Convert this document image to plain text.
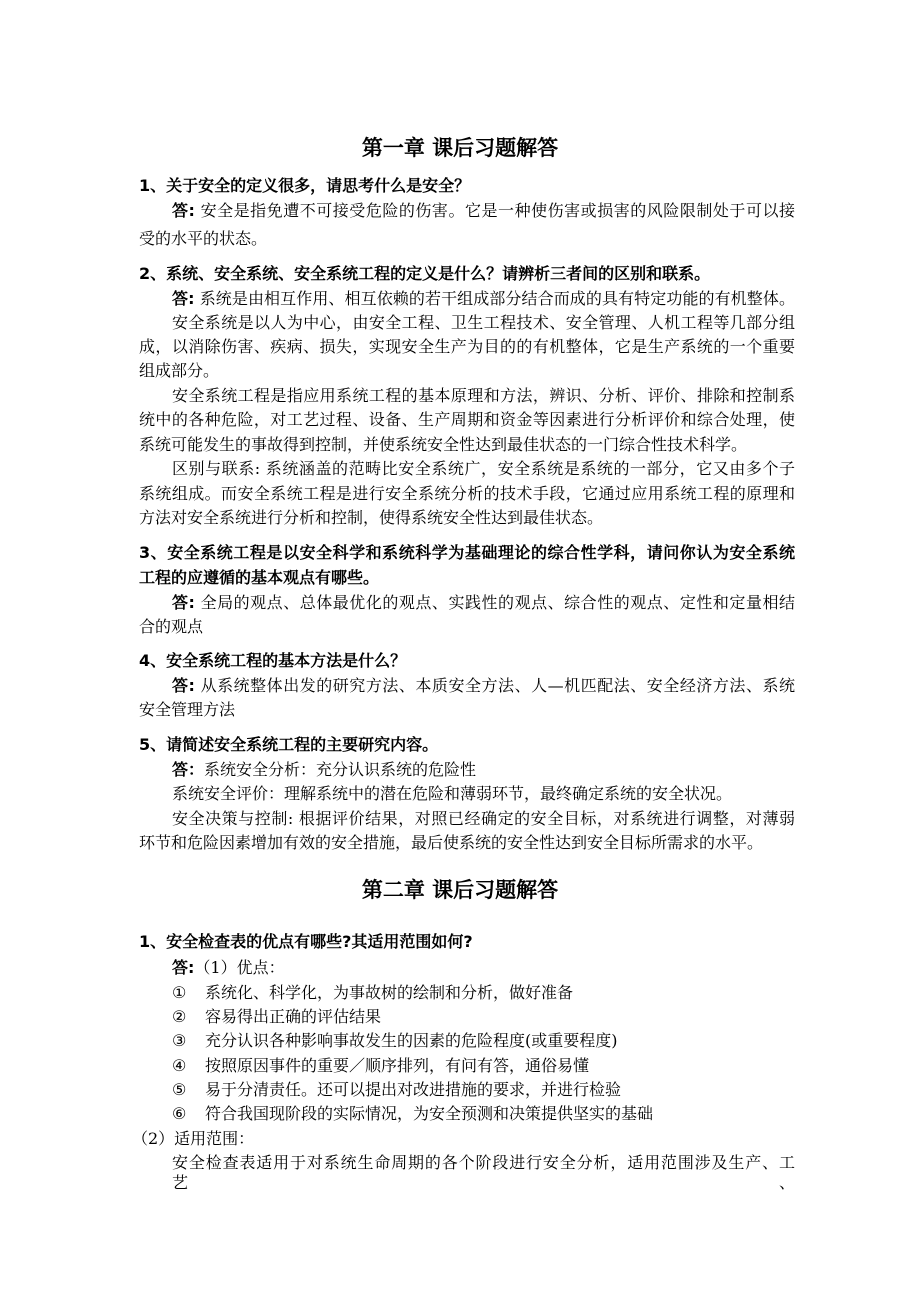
第一章 课后习题解答
1、关于安全的定义很多，请思考什么是安全？
答: 安全是指免遭不可接受危险的伤害。它是一种使伤害或损害的风险限制处于可以接
受的水平的状态。
2、系统、安全系统、安全系统工程的定义是什么？请辨析三者间的区别和联系。
答: 系统是由相互作用、相互依赖的若干组成部分结合而成的具有特定功能的有机整体。
安全系统是以人为中心，由安全工程、卫生工程技术、安全管理、人机工程等几部分组
成，以消除伤害、疾病、损失，实现安全生产为目的的有机整体，它是生产系统的一个重要
组成部分。
安全系统工程是指应用系统工程的基本原理和方法，辨识、分析、评价、排除和控制系
统中的各种危险，对工艺过程、设备、生产周期和资金等因素进行分析评价和综合处理，使
系统可能发生的事故得到控制，并使系统安全性达到最佳状态的一门综合性技术科学。
区别与联系: 系统涵盖的范畴比安全系统广，安全系统是系统的一部分，它又由多个子
系统组成。而安全系统工程是进行安全系统分析的技术手段，它通过应用系统工程的原理和
方法对安全系统进行分析和控制，使得系统安全性达到最佳状态。
3、安全系统工程是以安全科学和系统科学为基础理论的综合性学科，请问你认为安全系统
工程的应遵循的基本观点有哪些。
答: 全局的观点、总体最优化的观点、实践性的观点、综合性的观点、定性和定量相结
合的观点
4、安全系统工程的基本方法是什么？
答: 从系统整体出发的研究方法、本质安全方法、人—机匹配法、安全经济方法、系统
安全管理方法
5、请简述安全系统工程的主要研究内容。
答：系统安全分析：充分认识系统的危险性
系统安全评价：理解系统中的潜在危险和薄弱环节，最终确定系统的安全状况。
安全决策与控制: 根据评价结果，对照已经确定的安全目标，对系统进行调整，对薄弱
环节和危险因素增加有效的安全措施，最后使系统的安全性达到安全目标所需求的水平。
第二章 课后习题解答
1、安全检查表的优点有哪些?其适用范围如何?
答:（1）优点：
① 系统化、科学化，为事故树的绘制和分析，做好准备
② 容易得出正确的评估结果
③ 充分认识各种影响事故发生的因素的危险程度(或重要程度)
④ 按照原因事件的重要／顺序排列，有问有答，通俗易懂
⑤ 易于分清责任。还可以提出对改进措施的要求，并进行检验
⑥ 符合我国现阶段的实际情况，为安全预测和决策提供坚实的基础
（2）适用范围：
安全检查表适用于对系统生命周期的各个阶段进行安全分析，适用范围涉及生产、工艺、
